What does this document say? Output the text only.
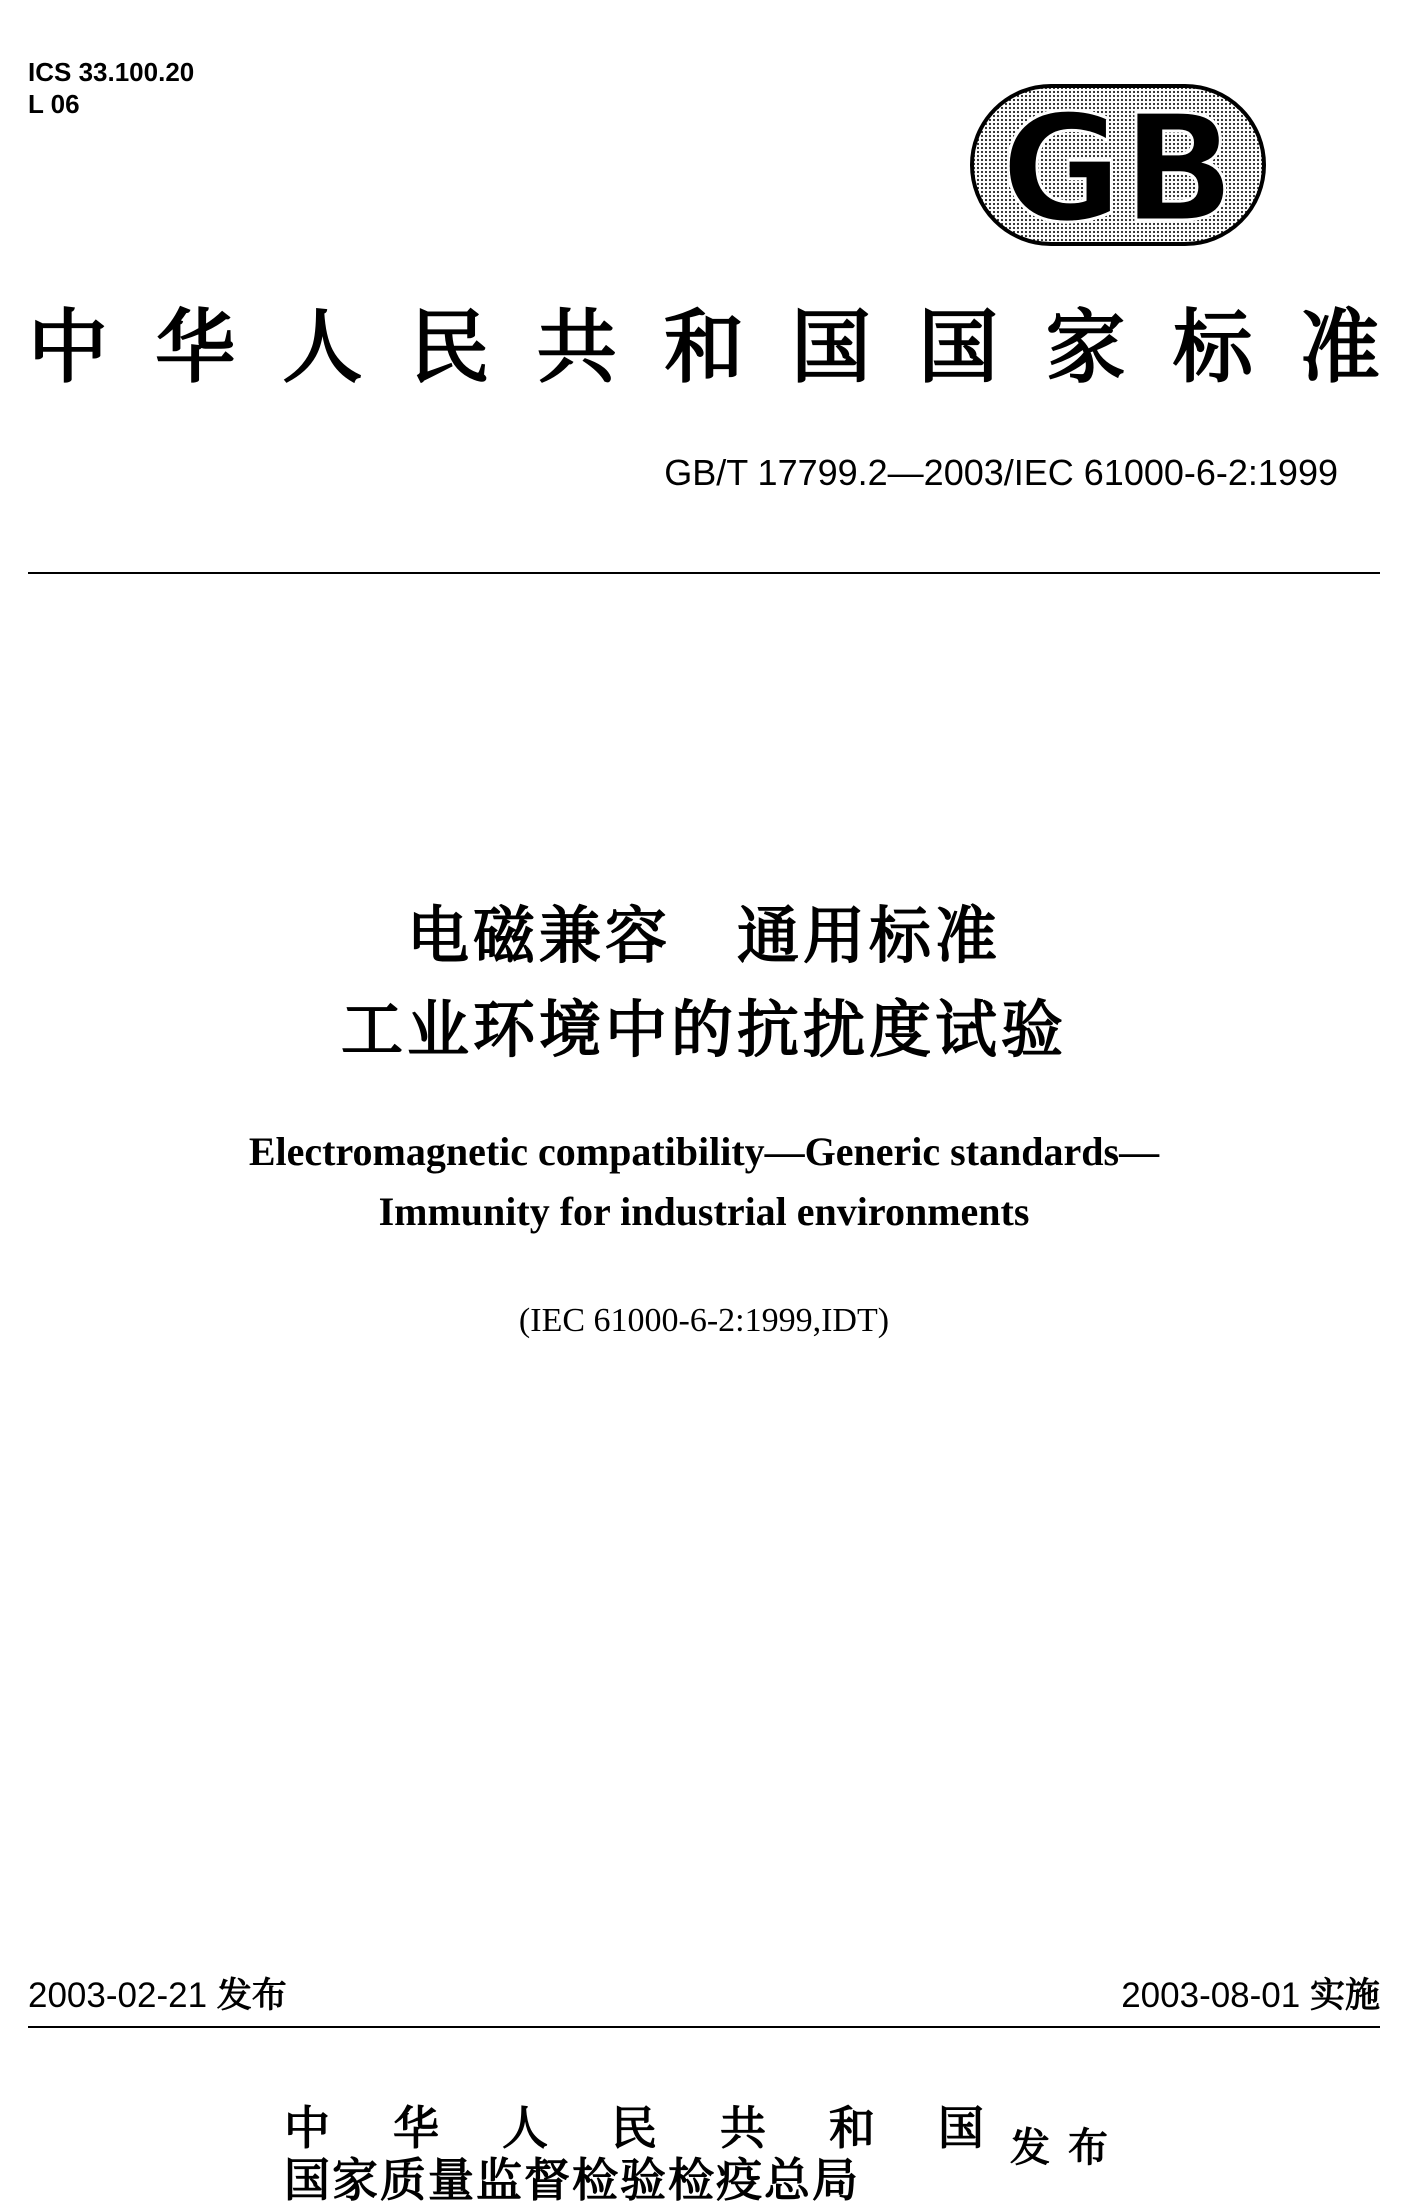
ICS 33.100.20
L 06	GB
中 华 人 民 共 和 国 国 家 标 准
GB/T 17799.2—2003/IEC 61000-6-2:1999
电磁兼容　通用标准
工业环境中的抗扰度试验
Electromagnetic compatibility—Generic standards—
Immunity for industrial environments
(IEC 61000-6-2:1999,IDT)
2003-02-21 发布	2003-08-01 实施
中 华 人 民 共 和 国
国家质量监督检验检疫总局
发布
